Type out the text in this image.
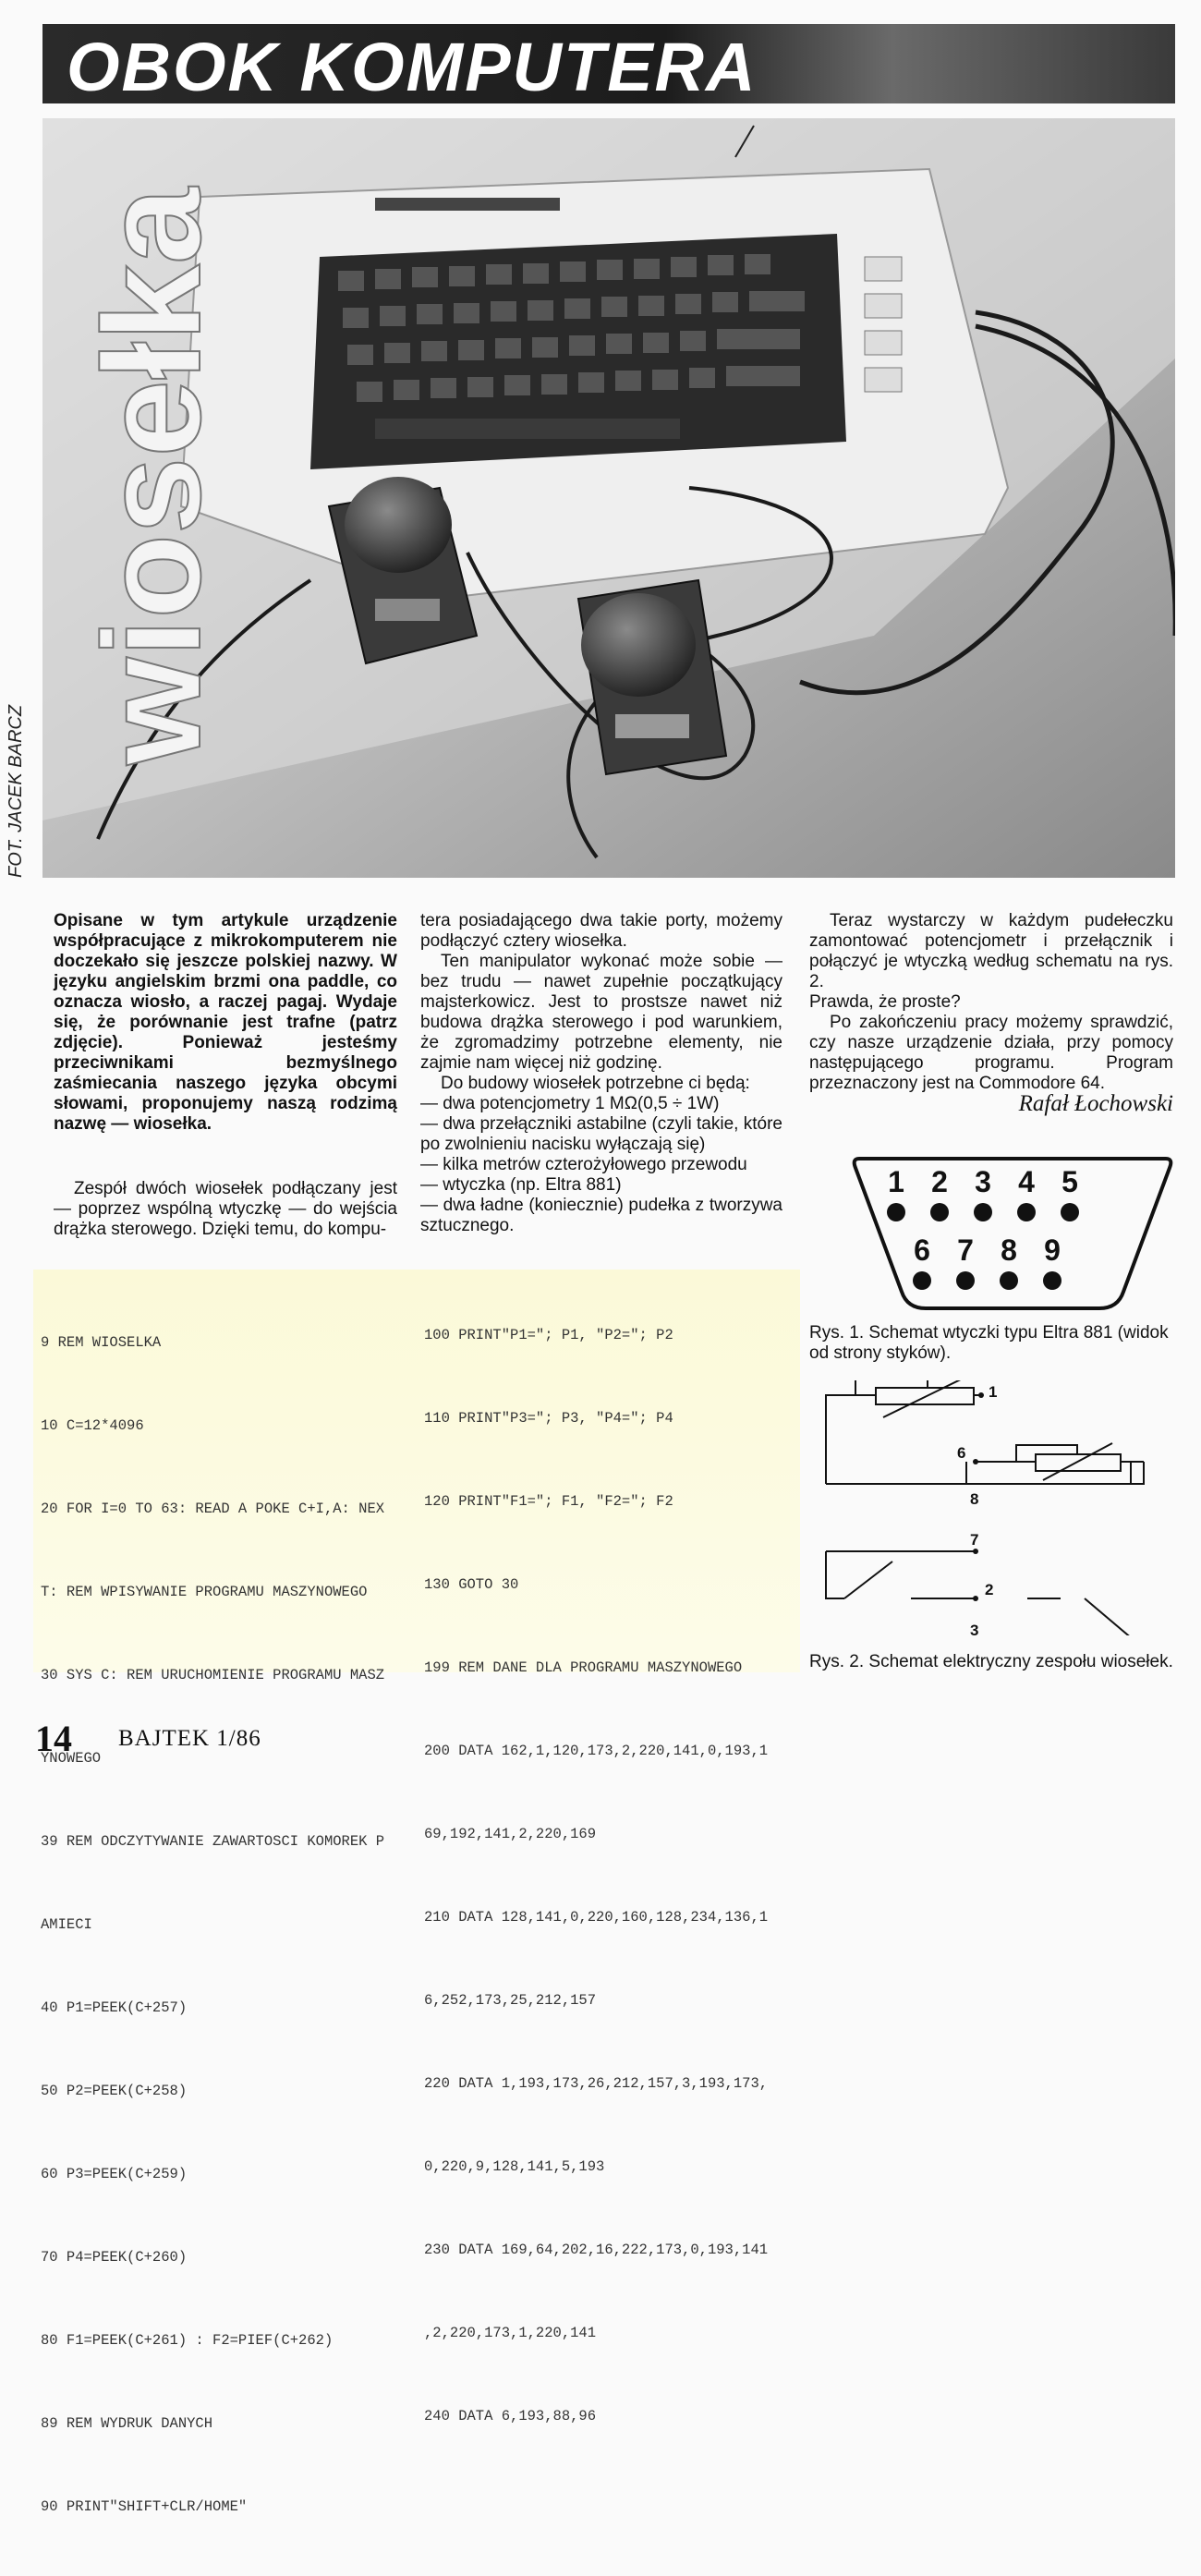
OBOK KOMPUTERA
wiosełka
FOT. JACEK BARCZ

Opisane w tym artykule urządzenie współpracujące z mikrokomputerem nie doczekało się jeszcze polskiej nazwy. W języku angielskim brzmi ona paddle, co oznacza wiosło, a raczej pagaj. Wydaje się, że porównanie jest trafne (patrz zdjęcie). Ponieważ jesteśmy przeciwnikami bezmyślnego zaśmiecania naszego języka obcymi słowami, proponujemy naszą rodzimą nazwę — wiosełka.

Zespół dwóch wiosełek podłączany jest — poprzez wspólną wtyczkę — do wejścia drążka sterowego. Dzięki temu, do kompu-

tera posiadającego dwa takie porty, możemy podłączyć cztery wiosełka.

Ten manipulator wykonać może sobie — bez trudu — nawet zupełnie początkujący majsterkowicz. Jest to prostsze nawet niż budowa drążka sterowego i pod warunkiem, że zgromadzimy potrzebne elementy, nie zajmie nam więcej niż godzinę.

Do budowy wiosełek potrzebne ci będą:

— dwa potencjometry 1 MΩ(0,5 ÷ 1W)

— dwa przełączniki astabilne (czyli takie, które po zwolnieniu nacisku wyłączają się)

— kilka metrów czterożyłowego przewodu

— wtyczka (np. Eltra 881)

— dwa ładne (koniecznie) pudełka z tworzywa sztucznego.

Teraz wystarczy w każdym pudełeczku zamontować potencjometr i przełącznik i połączyć je wtyczką według schematu na rys. 2.

Prawda, że proste?

Po zakończeniu pracy możemy sprawdzić, czy nasze urządzenie działa, przy pomocy następującego programu. Program przeznaczony jest na Commodore 64.

Rafał Łochowski

1 2 3 4 5
6 7 8 9
Rys. 1. Schemat wtyczki typu Eltra 881 (widok od strony styków).
1
6
8
7
2
3
Rys. 2. Schemat elektryczny zespołu wiosełek.

9 REM WIOSELKA

10 C=12*4096

20 FOR I=0 TO 63: READ A POKE C+I,A: NEX

T: REM WPISYWANIE PROGRAMU MASZYNOWEGO

30 SYS C: REM URUCHOMIENIE PROGRAMU MASZ

YNOWEGO

39 REM ODCZYTYWANIE ZAWARTOSCI KOMOREK P

AMIECI

40 P1=PEEK(C+257)

50 P2=PEEK(C+258)

60 P3=PEEK(C+259)

70 P4=PEEK(C+260)

80 F1=PEEK(C+261) : F2=PIEF(C+262)

89 REM WYDRUK DANYCH

90 PRINT"SHIFT+CLR/HOME"

100 PRINT"P1="; P1, "P2="; P2

110 PRINT"P3="; P3, "P4="; P4

120 PRINT"F1="; F1, "F2="; F2

130 GOTO 30

199 REM DANE DLA PROGRAMU MASZYNOWEGO

200 DATA 162,1,120,173,2,220,141,0,193,1

69,192,141,2,220,169

210 DATA 128,141,0,220,160,128,234,136,1

6,252,173,25,212,157

220 DATA 1,193,173,26,212,157,3,193,173,

0,220,9,128,141,5,193

230 DATA 169,64,202,16,222,173,0,193,141

,2,220,173,1,220,141

240 DATA 6,193,88,96

14 BAJTEK 1/86
